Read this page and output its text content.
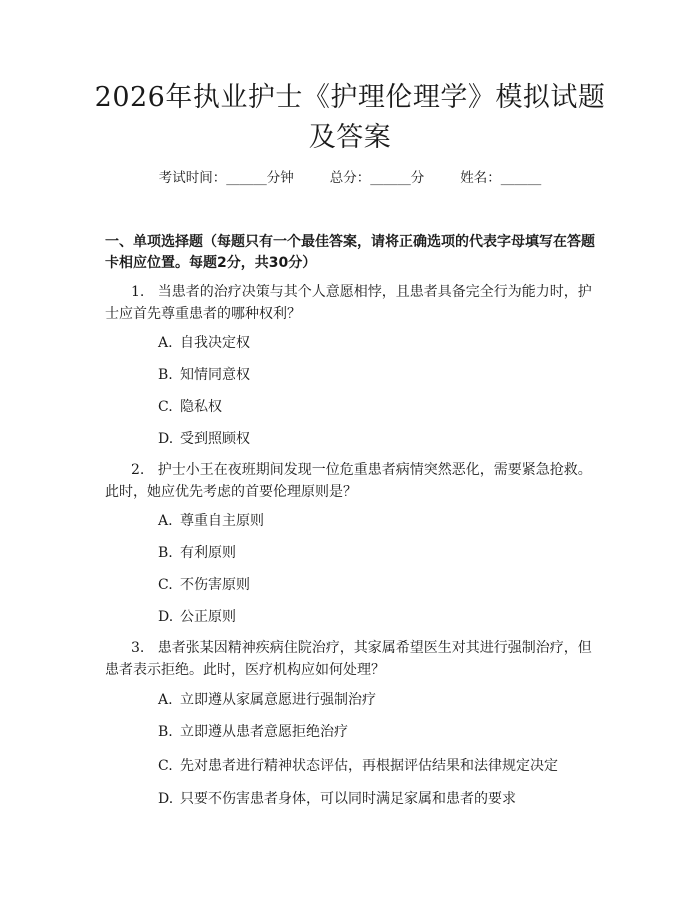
2026年执业护士《护理伦理学》模拟试题及答案
考试时间：______分钟	总分：______分	姓名：______
一、单项选择题（每题只有一个最佳答案，请将正确选项的代表字母填写在答题卡相应位置。每题2分，共30分）
1. 当患者的治疗决策与其个人意愿相悖，且患者具备完全行为能力时，护士应首先尊重患者的哪种权利？
A. 自我决定权
B. 知情同意权
C. 隐私权
D. 受到照顾权
2. 护士小王在夜班期间发现一位危重患者病情突然恶化，需要紧急抢救。此时，她应优先考虑的首要伦理原则是？
A. 尊重自主原则
B. 有利原则
C. 不伤害原则
D. 公正原则
3. 患者张某因精神疾病住院治疗，其家属希望医生对其进行强制治疗，但患者表示拒绝。此时，医疗机构应如何处理？
A. 立即遵从家属意愿进行强制治疗
B. 立即遵从患者意愿拒绝治疗
C. 先对患者进行精神状态评估，再根据评估结果和法律规定决定
D. 只要不伤害患者身体，可以同时满足家属和患者的要求
